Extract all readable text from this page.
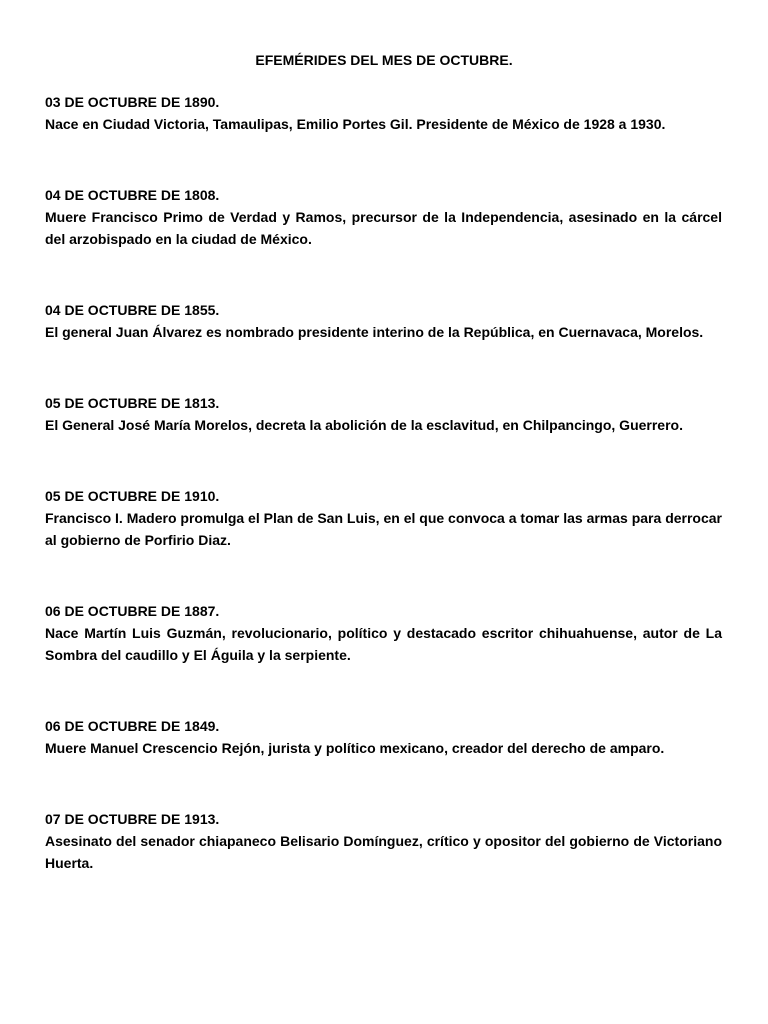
EFEMÉRIDES DEL MES DE OCTUBRE.

03 DE OCTUBRE DE 1890.

Nace en Ciudad Victoria, Tamaulipas, Emilio Portes Gil. Presidente de México de 1928 a 1930.

04 DE OCTUBRE DE 1808.

Muere Francisco Primo de Verdad y Ramos, precursor de la Independencia, asesinado en la cárcel del arzobispado en la ciudad de México.

04 DE OCTUBRE DE 1855.

El general Juan Álvarez es nombrado presidente interino de la República, en Cuernavaca, Morelos.

05 DE OCTUBRE DE 1813.

El General José María Morelos, decreta la abolición de la esclavitud, en Chilpancingo, Guerrero.

05 DE OCTUBRE DE 1910.

Francisco I. Madero promulga el Plan de San Luis, en el que convoca a tomar las armas para derrocar al gobierno de Porfirio Diaz.

06 DE OCTUBRE DE 1887.

Nace Martín Luis Guzmán, revolucionario, político y destacado escritor chihuahuense, autor de La Sombra del caudillo y El Águila y la serpiente.

06 DE OCTUBRE DE 1849.

Muere Manuel Crescencio Rejón, jurista y político mexicano, creador del derecho de amparo.

07 DE OCTUBRE DE 1913.

Asesinato del senador chiapaneco Belisario Domínguez, crítico y opositor del gobierno de Victoriano Huerta.
